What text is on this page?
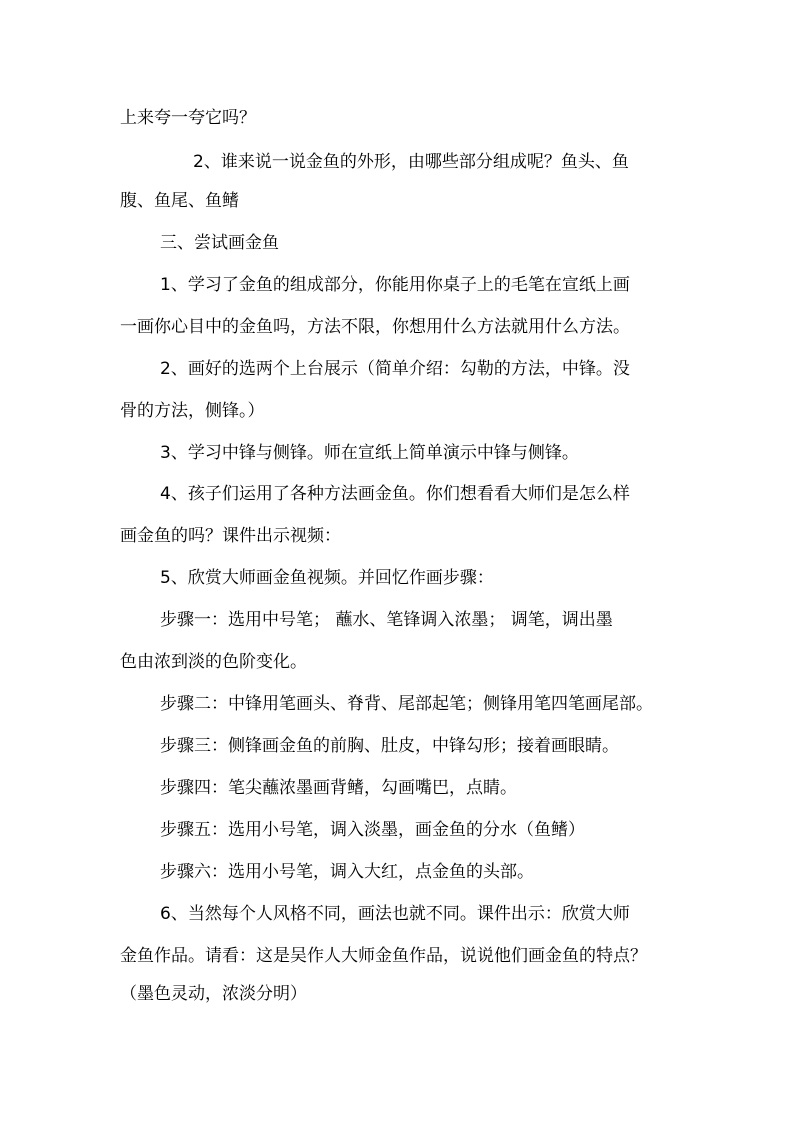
上来夸一夸它吗？
2、谁来说一说金鱼的外形，由哪些部分组成呢？鱼头、鱼
腹、鱼尾、鱼鳍
三、尝试画金鱼
1、学习了金鱼的组成部分，你能用你桌子上的毛笔在宣纸上画
一画你心目中的金鱼吗，方法不限，你想用什么方法就用什么方法。
2、画好的选两个上台展示（简单介绍：勾勒的方法，中锋。没
骨的方法，侧锋。）
3、学习中锋与侧锋。师在宣纸上简单演示中锋与侧锋。
4、孩子们运用了各种方法画金鱼。你们想看看大师们是怎么样
画金鱼的吗？课件出示视频：
5、欣赏大师画金鱼视频。并回忆作画步骤：
步骤一：选用中号笔； 蘸水、笔锋调入浓墨； 调笔，调出墨
色由浓到淡的色阶变化。
步骤二：中锋用笔画头、脊背、尾部起笔；侧锋用笔四笔画尾部。
步骤三：侧锋画金鱼的前胸、肚皮，中锋勾形；接着画眼睛。
步骤四：笔尖蘸浓墨画背鳍，勾画嘴巴，点睛。
步骤五：选用小号笔，调入淡墨，画金鱼的分水（鱼鳍）
步骤六：选用小号笔，调入大红，点金鱼的头部。
6、当然每个人风格不同，画法也就不同。课件出示：欣赏大师
金鱼作品。请看：这是吴作人大师金鱼作品，说说他们画金鱼的特点？
（墨色灵动，浓淡分明）
